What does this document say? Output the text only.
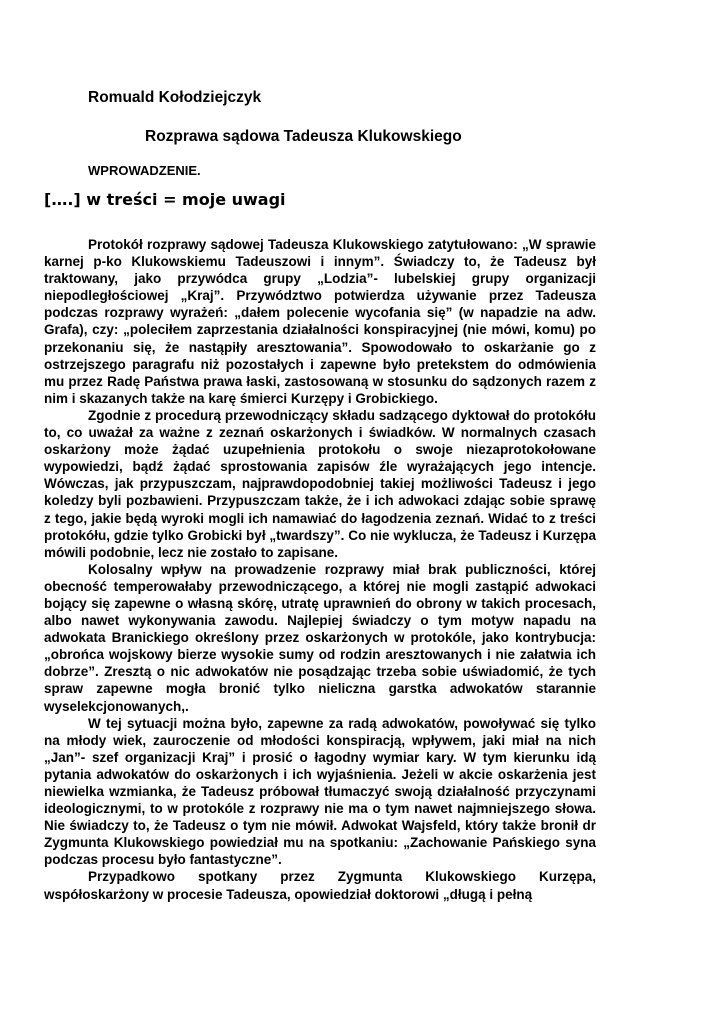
Romuald Kołodziejczyk
Rozprawa sądowa Tadeusza Klukowskiego
WPROWADZENIE.
[….] w treści = moje uwagi

Protokół rozprawy sądowej Tadeusza Klukowskiego zatytułowano: „W sprawie karnej p-ko Klukowskiemu Tadeuszowi i innym”. Świadczy to, że Tadeusz był traktowany, jako przywódca grupy „Lodzia”- lubelskiej grupy organizacji niepodległościowej „Kraj”. Przywództwo potwierdza używanie przez Tadeusza podczas rozprawy wyrażeń: „dałem polecenie wycofania się” (w napadzie na adw. Grafa), czy: „poleciłem zaprzestania działalności konspiracyjnej (nie mówi, komu) po przekonaniu się, że nastąpiły aresztowania”. Spowodowało to oskarżanie go z ostrzejszego paragrafu niż pozostałych i zapewne było pretekstem do odmówienia mu przez Radę Państwa prawa łaski, zastosowaną w stosunku do sądzonych razem z nim i skazanych także na karę śmierci Kurzępy i Grobickiego.

Zgodnie z procedurą przewodniczący składu sadzącego dyktował do protokółu to, co uważał za ważne z zeznań oskarżonych i świadków. W normalnych czasach oskarżony może żądać uzupełnienia protokołu o swoje niezaprotokołowane wypowiedzi, bądź żądać sprostowania zapisów źle wyrażających jego intencje. Wówczas, jak przypuszczam, najprawdopodobniej takiej możliwości Tadeusz i jego koledzy byli pozbawieni. Przypuszczam także, że i ich adwokaci zdając sobie sprawę z tego, jakie będą wyroki mogli ich namawiać do łagodzenia zeznań. Widać to z treści protokółu, gdzie tylko Grobicki był „twardszy”. Co nie wyklucza, że Tadeusz i Kurzępa mówili podobnie, lecz nie zostało to zapisane.

Kolosalny wpływ na prowadzenie rozprawy miał brak publiczności, której obecność temperowałaby przewodniczącego, a której nie mogli zastąpić adwokaci bojący się zapewne o własną skórę, utratę uprawnień do obrony w takich procesach, albo nawet wykonywania zawodu. Najlepiej świadczy o tym motyw napadu na adwokata Branickiego określony przez oskarżonych w protokóle, jako kontrybucja: „obrońca wojskowy bierze wysokie sumy od rodzin aresztowanych i nie załatwia ich dobrze”. Zresztą o nic adwokatów nie posądzając trzeba sobie uświadomić, że tych spraw zapewne mogła bronić tylko nieliczna garstka adwokatów starannie wyselekcjonowanych,.

W tej sytuacji można było, zapewne za radą adwokatów, powoływać się tylko na młody wiek, zauroczenie od młodości konspiracją, wpływem, jaki miał na nich „Jan”- szef organizacji Kraj” i prosić o łagodny wymiar kary. W tym kierunku idą pytania adwokatów do oskarżonych i ich wyjaśnienia. Jeżeli w akcie oskarżenia jest niewielka wzmianka, że Tadeusz próbował tłumaczyć swoją działalność przyczynami ideologicznymi, to w protokóle z rozprawy nie ma o tym nawet najmniejszego słowa. Nie świadczy to, że Tadeusz o tym nie mówił. Adwokat Wajsfeld, który także bronił dr Zygmunta Klukowskiego powiedział mu na spotkaniu: „Zachowanie Pańskiego syna podczas procesu było fantastyczne”.

Przypadkowo spotkany przez Zygmunta Klukowskiego Kurzępa, współoskarżony w procesie Tadeusza, opowiedział doktorowi „długą i pełną
